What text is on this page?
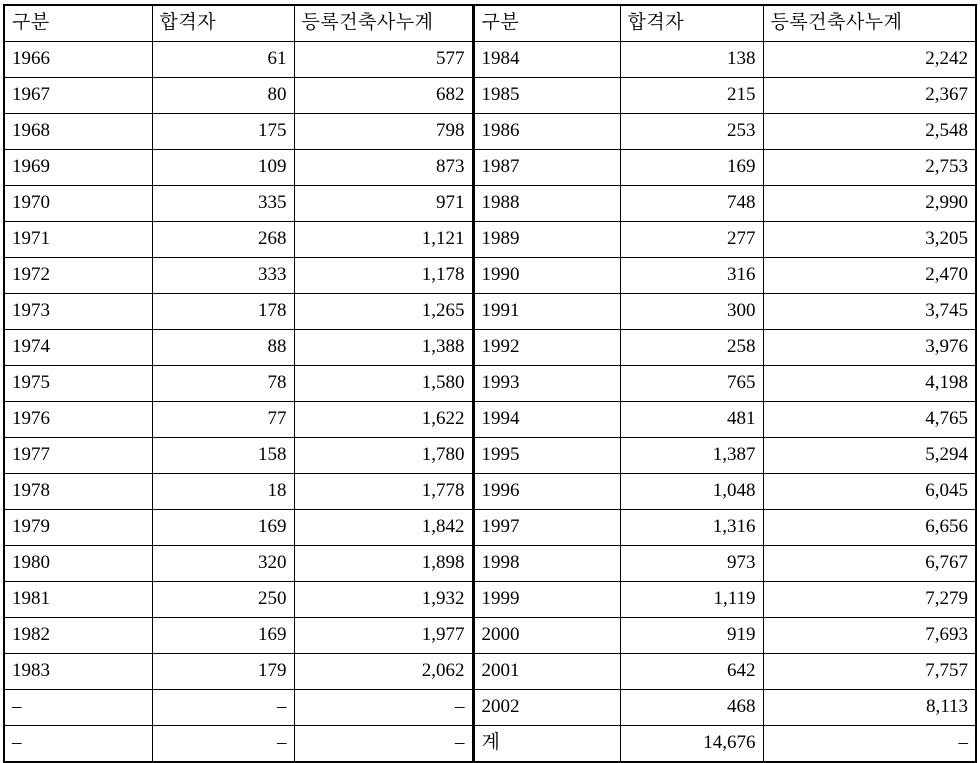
구분	합격자	등록건축사누계	구분	합격자	등록건축사누계
1966	61	577	1984	138	2,242
1967	80	682	1985	215	2,367
1968	175	798	1986	253	2,548
1969	109	873	1987	169	2,753
1970	335	971	1988	748	2,990
1971	268	1,121	1989	277	3,205
1972	333	1,178	1990	316	2,470
1973	178	1,265	1991	300	3,745
1974	88	1,388	1992	258	3,976
1975	78	1,580	1993	765	4,198
1976	77	1,622	1994	481	4,765
1977	158	1,780	1995	1,387	5,294
1978	18	1,778	1996	1,048	6,045
1979	169	1,842	1997	1,316	6,656
1980	320	1,898	1998	973	6,767
1981	250	1,932	1999	1,119	7,279
1982	169	1,977	2000	919	7,693
1983	179	2,062	2001	642	7,757
–	–	–	2002	468	8,113
–	–	–	계	14,676	–
